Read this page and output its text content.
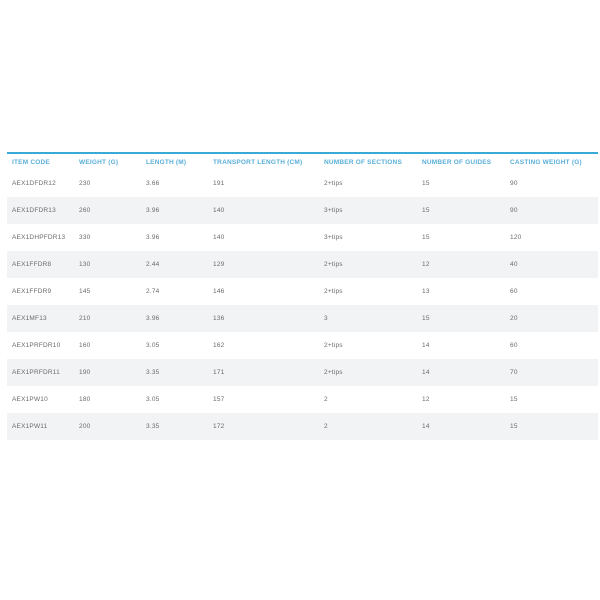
ITEM CODE	WEIGHT (G)	LENGTH (M)	TRANSPORT LENGTH (CM)	NUMBER OF SECTIONS	NUMBER OF GUIDES	CASTING WEIGHT (G)
AEX1DFDR12	230	3.66	191	2+tips	15	90
AEX1DFDR13	260	3.96	140	3+tips	15	90
AEX1DHPFDR13	330	3.96	140	3+tips	15	120
AEX1FFDR8	130	2.44	129	2+tips	12	40
AEX1FFDR9	145	2.74	146	2+tips	13	60
AEX1MF13	210	3.96	136	3	15	20
AEX1PRFDR10	160	3.05	162	2+tips	14	60
AEX1PRFDR11	190	3.35	171	2+tips	14	70
AEX1PW10	180	3.05	157	2	12	15
AEX1PW11	200	3.35	172	2	14	15
